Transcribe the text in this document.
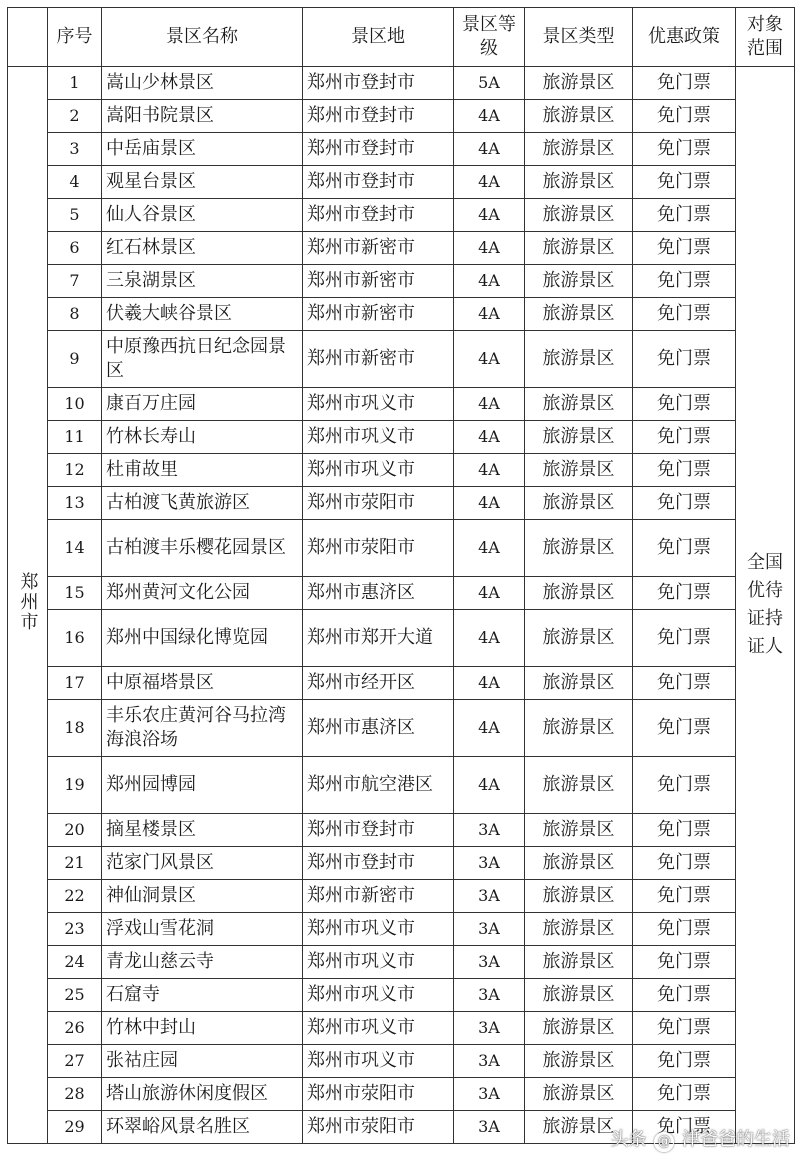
	序号	景区名称	景区地	景区等级	景区类型	优惠政策	对象范围
郑州市	1	嵩山少林景区	郑州市登封市	5A	旅游景区	免门票	全国优待证持证人
	2	嵩阳书院景区	郑州市登封市	4A	旅游景区	免门票	
	3	中岳庙景区	郑州市登封市	4A	旅游景区	免门票	
	4	观星台景区	郑州市登封市	4A	旅游景区	免门票	
	5	仙人谷景区	郑州市登封市	4A	旅游景区	免门票	
	6	红石林景区	郑州市新密市	4A	旅游景区	免门票	
	7	三泉湖景区	郑州市新密市	4A	旅游景区	免门票	
	8	伏羲大峡谷景区	郑州市新密市	4A	旅游景区	免门票	
	9	中原豫西抗日纪念园景区	郑州市新密市	4A	旅游景区	免门票	
	10	康百万庄园	郑州市巩义市	4A	旅游景区	免门票	
	11	竹林长寿山	郑州市巩义市	4A	旅游景区	免门票	
	12	杜甫故里	郑州市巩义市	4A	旅游景区	免门票	
	13	古柏渡飞黄旅游区	郑州市荥阳市	4A	旅游景区	免门票	
	14	古柏渡丰乐樱花园景区	郑州市荥阳市	4A	旅游景区	免门票	
	15	郑州黄河文化公园	郑州市惠济区	4A	旅游景区	免门票	
	16	郑州中国绿化博览园	郑州市郑开大道	4A	旅游景区	免门票	
	17	中原福塔景区	郑州市经开区	4A	旅游景区	免门票	
	18	丰乐农庄黄河谷马拉湾海浪浴场	郑州市惠济区	4A	旅游景区	免门票	
	19	郑州园博园	郑州市航空港区	4A	旅游景区	免门票	
	20	摘星楼景区	郑州市登封市	3A	旅游景区	免门票	
	21	范家门风景区	郑州市登封市	3A	旅游景区	免门票	
	22	神仙洞景区	郑州市新密市	3A	旅游景区	免门票	
	23	浮戏山雪花洞	郑州市巩义市	3A	旅游景区	免门票	
	24	青龙山慈云寺	郑州市巩义市	3A	旅游景区	免门票	
	25	石窟寺	郑州市巩义市	3A	旅游景区	免门票	
	26	竹林中封山	郑州市巩义市	3A	旅游景区	免门票	
	27	张祜庄园	郑州市巩义市	3A	旅游景区	免门票	
	28	塔山旅游休闲度假区	郑州市荥阳市	3A	旅游景区	免门票	
	29	环翠峪风景名胜区	郑州市荥阳市	3A	旅游景区	免门票	
头条 @ 津爸爸的生活
